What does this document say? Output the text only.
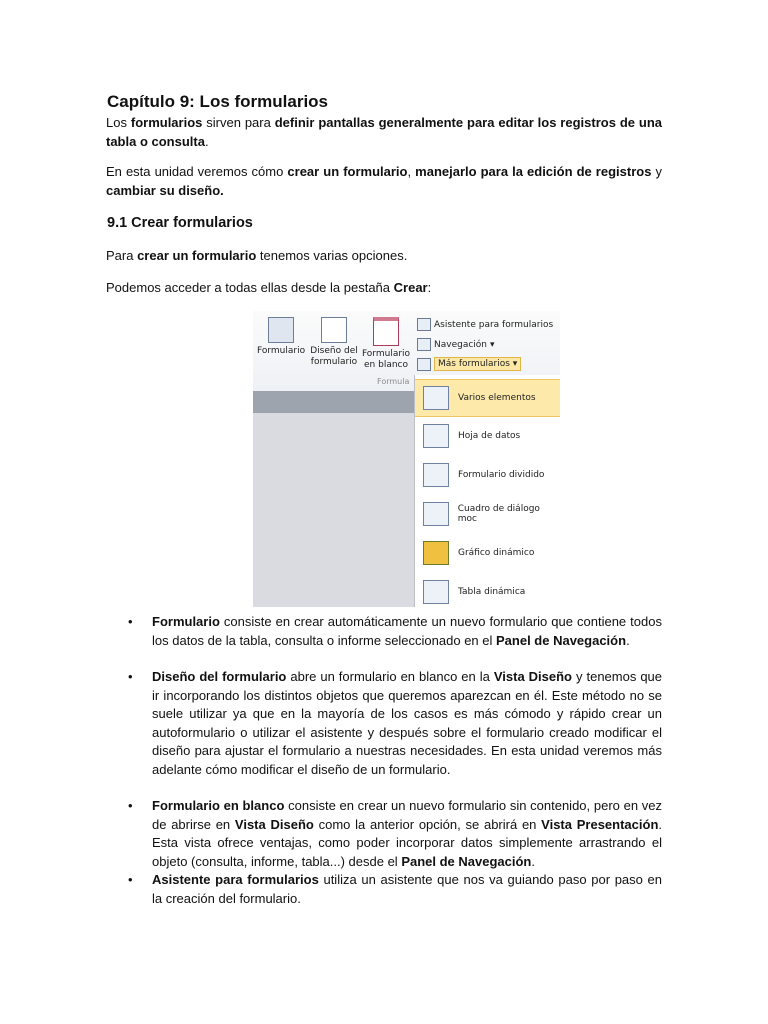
Capítulo 9: Los formularios

Los formularios sirven para definir pantallas generalmente para editar los registros de una tabla o consulta.

En esta unidad veremos cómo crear un formulario, manejarlo para la edición de registros y cambiar su diseño.

9.1 Crear formularios

Para crear un formulario tenemos varias opciones.

Podemos acceder a todas ellas desde la pestaña Crear:

Formulario Diseño del formulario
Formulario en blanco
Asistente para formularios
Navegación ▾
Más formularios ▾
Formula
Varios elementos
Hoja de datos
Formulario dividido
Cuadro de diálogo moc
Gráfico dinámico
Tabla dinámica
• Formulario consiste en crear automáticamente un nuevo formulario que contiene todos los datos de la tabla, consulta o informe seleccionado en el Panel de Navegación.
• Diseño del formulario abre un formulario en blanco en la Vista Diseño y tenemos que ir incorporando los distintos objetos que queremos aparezcan en él. Este método no se suele utilizar ya que en la mayoría de los casos es más cómodo y rápido crear un autoformulario o utilizar el asistente y después sobre el formulario creado modificar el diseño para ajustar el formulario a nuestras necesidades. En esta unidad veremos más adelante cómo modificar el diseño de un formulario.
• Formulario en blanco consiste en crear un nuevo formulario sin contenido, pero en vez de abrirse en Vista Diseño como la anterior opción, se abrirá en Vista Presentación. Esta vista ofrece ventajas, como poder incorporar datos simplemente arrastrando el objeto (consulta, informe, tabla...) desde el Panel de Navegación.
• Asistente para formularios utiliza un asistente que nos va guiando paso por paso en la creación del formulario.
